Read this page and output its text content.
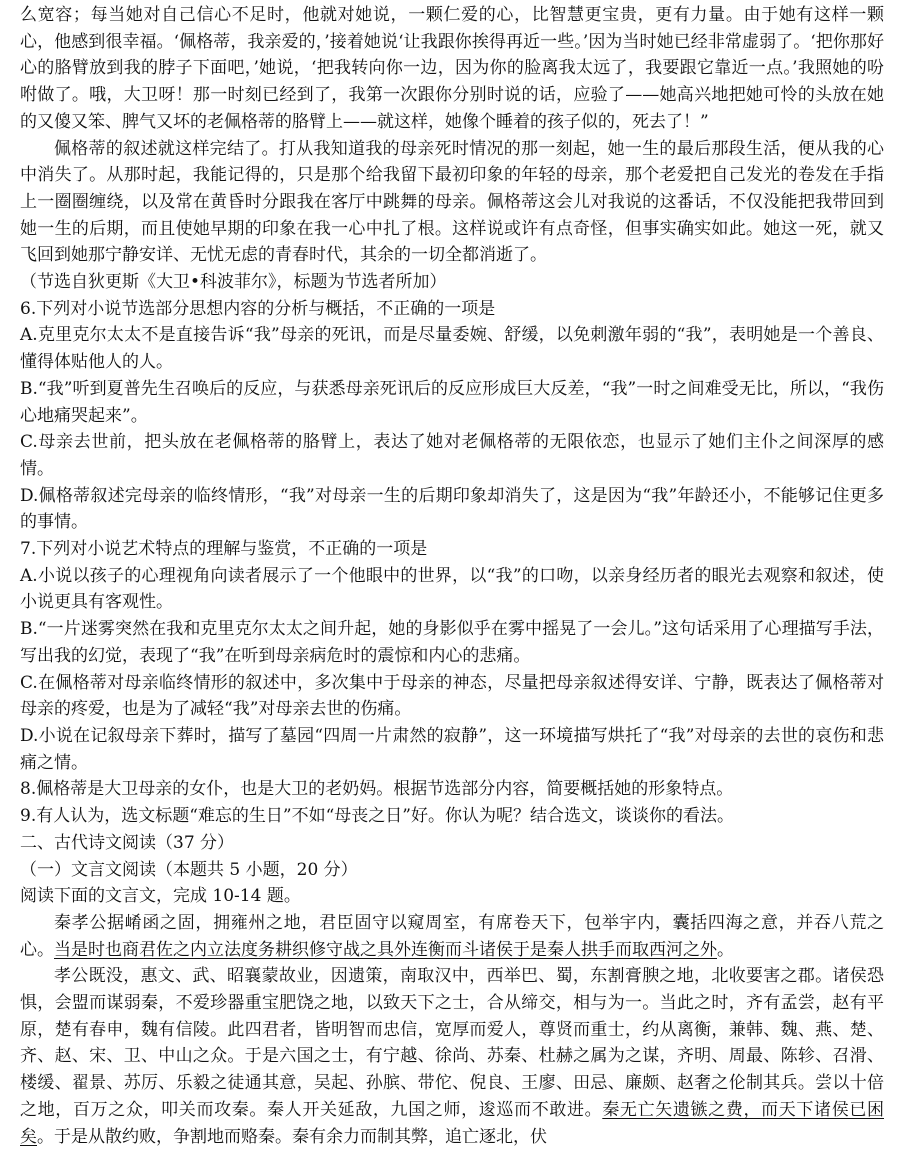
么宽容；每当她对自己信心不足时，他就对她说，一颗仁爱的心，比智慧更宝贵，更有力量。由于她有这样一颗心，他感到很幸福。‘佩格蒂，我亲爱的，’接着她说‘让我跟你挨得再近一些。’因为当时她已经非常虚弱了。‘把你那好心的胳臂放到我的脖子下面吧，’她说，‘把我转向你一边，因为你的脸离我太远了，我要跟它靠近一点。’我照她的吩咐做了。哦，大卫呀！那一时刻已经到了，我第一次跟你分别时说的话，应验了——她高兴地把她可怜的头放在她的又傻又笨、脾气又坏的老佩格蒂的胳臂上——就这样，她像个睡着的孩子似的，死去了！”

佩格蒂的叙述就这样完结了。打从我知道我的母亲死时情况的那一刻起，她一生的最后那段生活，便从我的心中消失了。从那时起，我能记得的，只是那个给我留下最初印象的年轻的母亲，那个老爱把自己发光的卷发在手指上一圈圈缠绕，以及常在黄昏时分跟我在客厅中跳舞的母亲。佩格蒂这会儿对我说的这番话，不仅没能把我带回到她一生的后期，而且使她早期的印象在我一心中扎了根。这样说或许有点奇怪，但事实确实如此。她这一死，就又飞回到她那宁静安详、无忧无虑的青春时代，其余的一切全都消逝了。

（节选自狄更斯《大卫•科波菲尔》，标题为节选者所加）

6.下列对小说节选部分思想内容的分析与概括，不正确的一项是

A.克里克尔太太不是直接告诉“我”母亲的死讯，而是尽量委婉、舒缓，以免刺激年弱的“我”，表明她是一个善良、懂得体贴他人的人。

B.“我”听到夏普先生召唤后的反应，与获悉母亲死讯后的反应形成巨大反差，“我”一时之间难受无比，所以，“我伤心地痛哭起来”。

C.母亲去世前，把头放在老佩格蒂的胳臂上，表达了她对老佩格蒂的无限依恋，也显示了她们主仆之间深厚的感情。

D.佩格蒂叙述完母亲的临终情形，“我”对母亲一生的后期印象却消失了，这是因为“我”年龄还小，不能够记住更多的事情。

7.下列对小说艺术特点的理解与鉴赏，不正确的一项是

A.小说以孩子的心理视角向读者展示了一个他眼中的世界，以“我”的口吻，以亲身经历者的眼光去观察和叙述，使小说更具有客观性。

B.“一片迷雾突然在我和克里克尔太太之间升起，她的身影似乎在雾中摇晃了一会儿。”这句话采用了心理描写手法，写出我的幻觉，表现了“我”在听到母亲病危时的震惊和内心的悲痛。

C.在佩格蒂对母亲临终情形的叙述中，多次集中于母亲的神态，尽量把母亲叙述得安详、宁静，既表达了佩格蒂对母亲的疼爱，也是为了减轻“我”对母亲去世的伤痛。

D.小说在记叙母亲下葬时，描写了墓园“四周一片肃然的寂静”，这一环境描写烘托了“我”对母亲的去世的哀伤和悲痛之情。

8.佩格蒂是大卫母亲的女仆，也是大卫的老奶妈。根据节选部分内容，简要概括她的形象特点。

9.有人认为，选文标题“难忘的生日”不如“母丧之日”好。你认为呢？结合选文，谈谈你的看法。

二、古代诗文阅读（37 分）

（一）文言文阅读（本题共 5 小题，20 分）

阅读下面的文言文，完成 10-14 题。

秦孝公据崤函之固，拥雍州之地，君臣固守以窥周室，有席卷天下，包举宇内，囊括四海之意，并吞八荒之心。当是时也商君佐之内立法度务耕织修守战之具外连衡而斗诸侯于是秦人拱手而取西河之外。

孝公既没，惠文、武、昭襄蒙故业，因遗策，南取汉中，西举巴、蜀，东割膏腴之地，北收要害之郡。诸侯恐惧，会盟而谋弱秦，不爱珍器重宝肥饶之地，以致天下之士，合从缔交，相与为一。当此之时，齐有孟尝，赵有平原，楚有春申，魏有信陵。此四君者，皆明智而忠信，宽厚而爱人，尊贤而重士，约从离衡，兼韩、魏、燕、楚、齐、赵、宋、卫、中山之众。于是六国之士，有宁越、徐尚、苏秦、杜赫之属为之谋，齐明、周最、陈轸、召滑、楼缓、翟景、苏厉、乐毅之徒通其意，吴起、孙膑、带佗、倪良、王廖、田忌、廉颇、赵奢之伦制其兵。尝以十倍之地，百万之众，叩关而攻秦。秦人开关延敌，九国之师，逡巡而不敢进。秦无亡矢遗镞之费，而天下诸侯已困矣。于是从散约败，争割地而赂秦。秦有余力而制其弊，追亡逐北，伏
